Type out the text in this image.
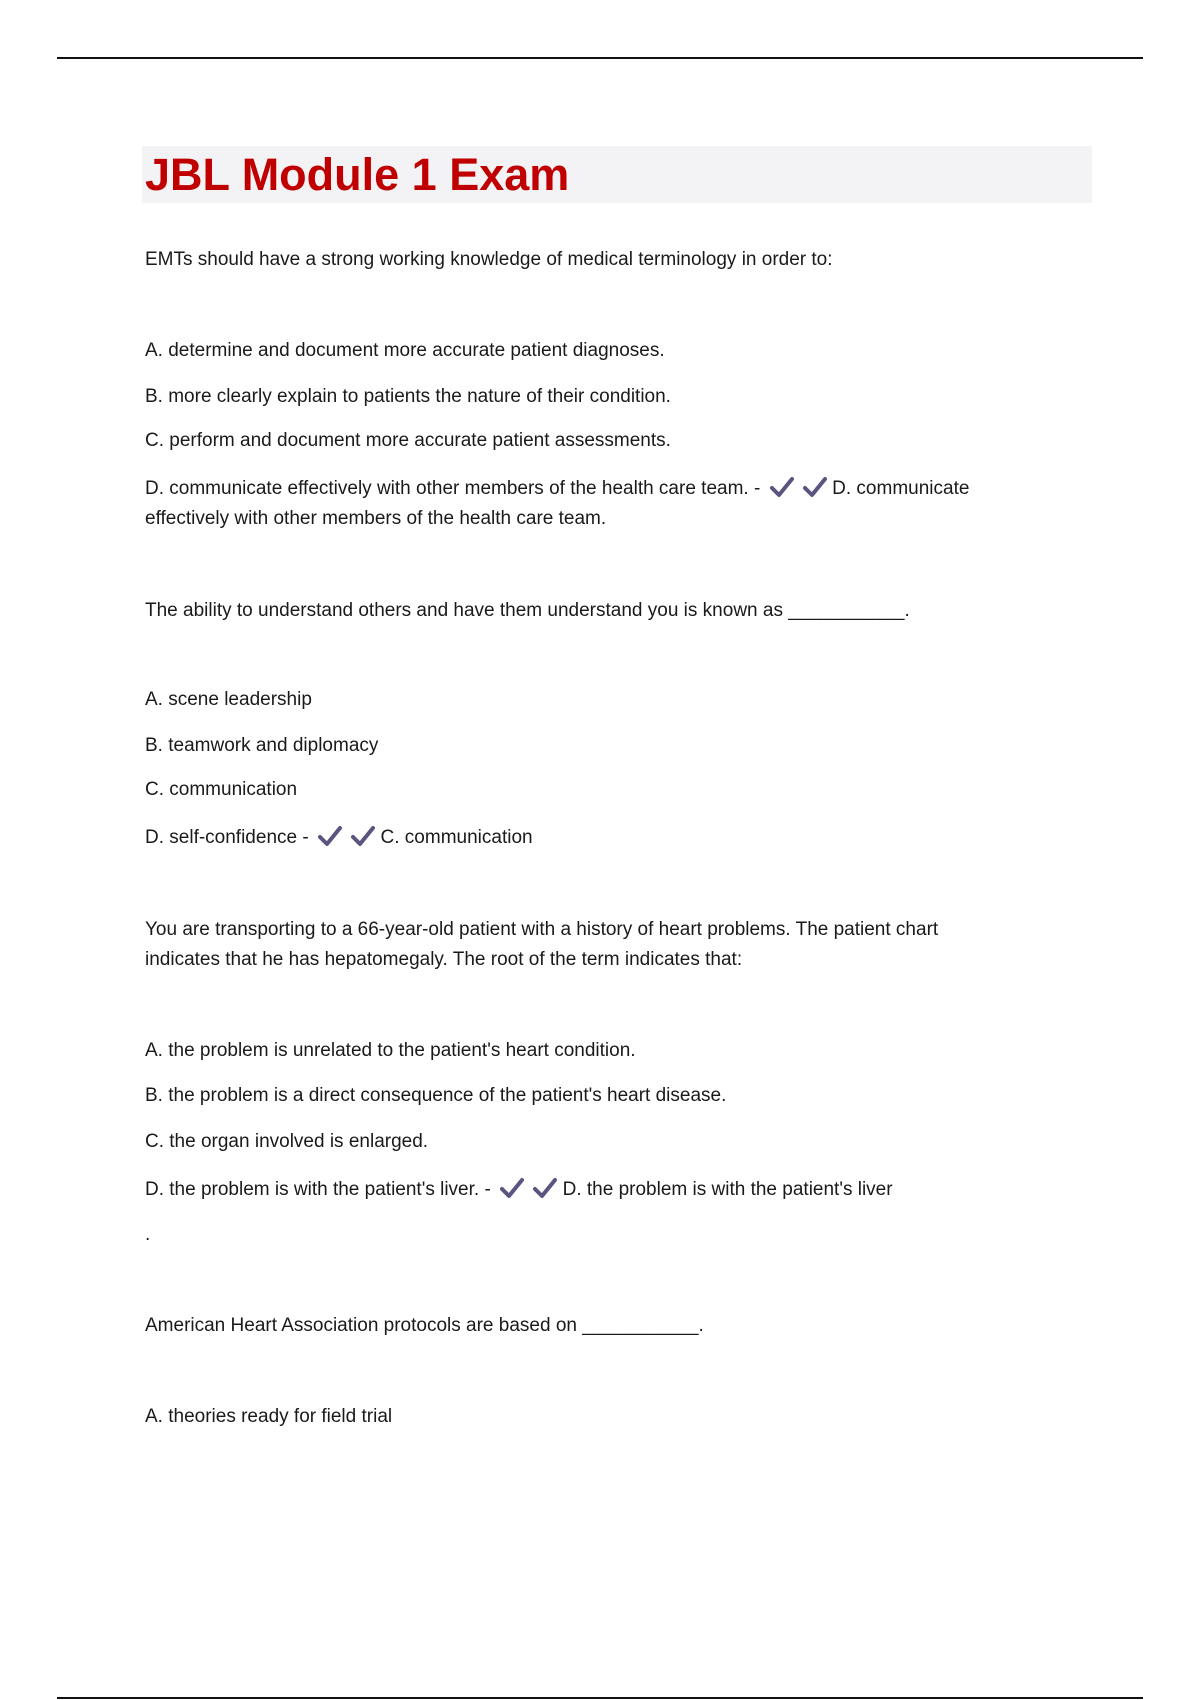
JBL Module 1 Exam

EMTs should have a strong working knowledge of medical terminology in order to:

A. determine and document more accurate patient diagnoses.

B. more clearly explain to patients the nature of their condition.

C. perform and document more accurate patient assessments.

D. communicate effectively with other members of the health care team. -
	D. communicate

effectively with other members of the health care team.

The ability to understand others and have them understand you is known as ___________.

A. scene leadership

B. teamwork and diplomacy

C. communication

D. self-confidence -
	C. communication

You are transporting to a 66-year-old patient with a history of heart problems. The patient chart

indicates that he has hepatomegaly. The root of the term indicates that:

A. the problem is unrelated to the patient's heart condition.

B. the problem is a direct consequence of the patient's heart disease.

C. the organ involved is enlarged.

D. the problem is with the patient's liver. -
	D. the problem is with the patient's liver

.

American Heart Association protocols are based on ___________.

A. theories ready for field trial
